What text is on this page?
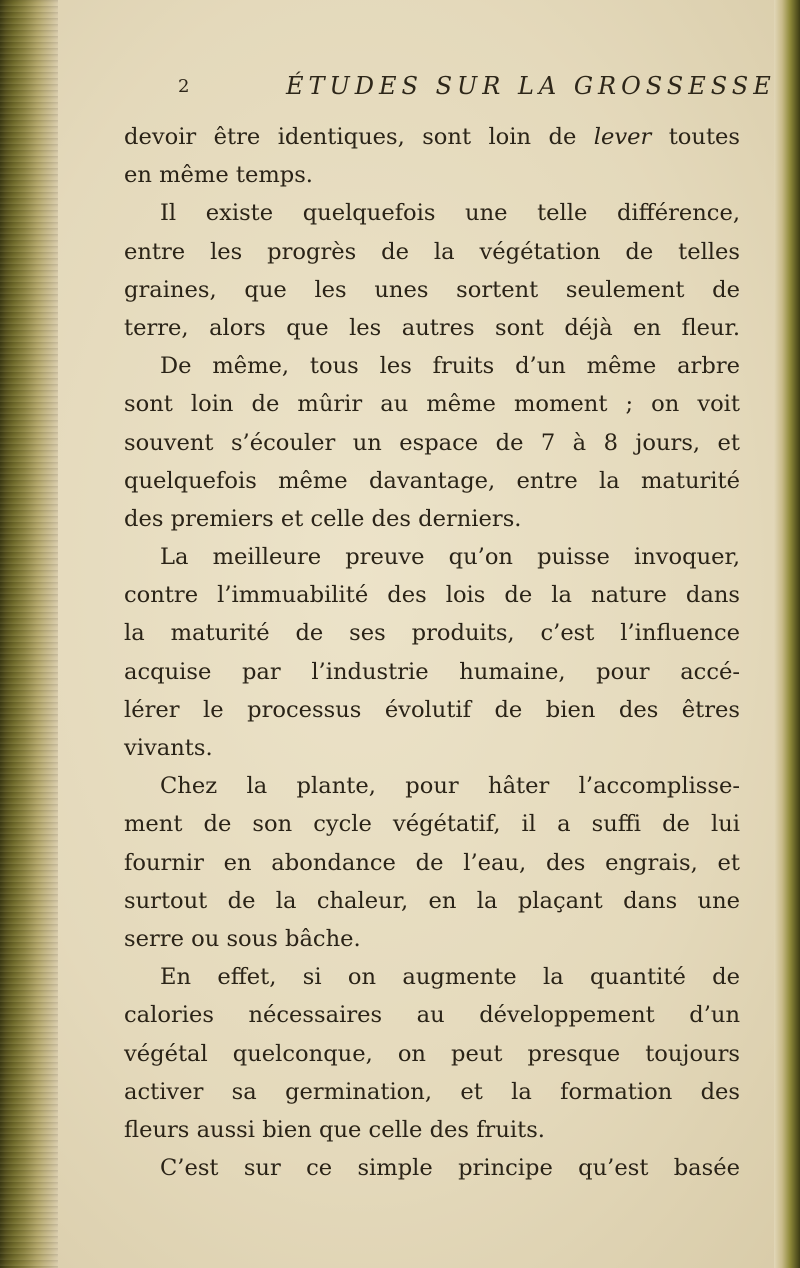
2	ÉTUDES SUR LA GROSSESSE
devoir être identiques, sont loin de lever toutes
en même temps.
Il existe quelquefois une telle différence,
entre les progrès de la végétation de telles
graines, que les unes sortent seulement de
terre, alors que les autres sont déjà en fleur.
De même, tous les fruits d’un même arbre
sont loin de mûrir au même moment ; on voit
souvent s’écouler un espace de 7 à 8 jours, et
quelquefois même davantage, entre la maturité
des premiers et celle des derniers.
La meilleure preuve qu’on puisse invoquer,
contre l’immuabilité des lois de la nature dans
la maturité de ses produits, c’est l’influence
acquise par l’industrie humaine, pour accé-
lérer le processus évolutif de bien des êtres
vivants.
Chez la plante, pour hâter l’accomplisse-
ment de son cycle végétatif, il a suffi de lui
fournir en abondance de l’eau, des engrais, et
surtout de la chaleur, en la plaçant dans une
serre ou sous bâche.
En effet, si on augmente la quantité de
calories nécessaires au développement d’un
végétal quelconque, on peut presque toujours
activer sa germination, et la formation des
fleurs aussi bien que celle des fruits.
C’est sur ce simple principe qu’est basée
